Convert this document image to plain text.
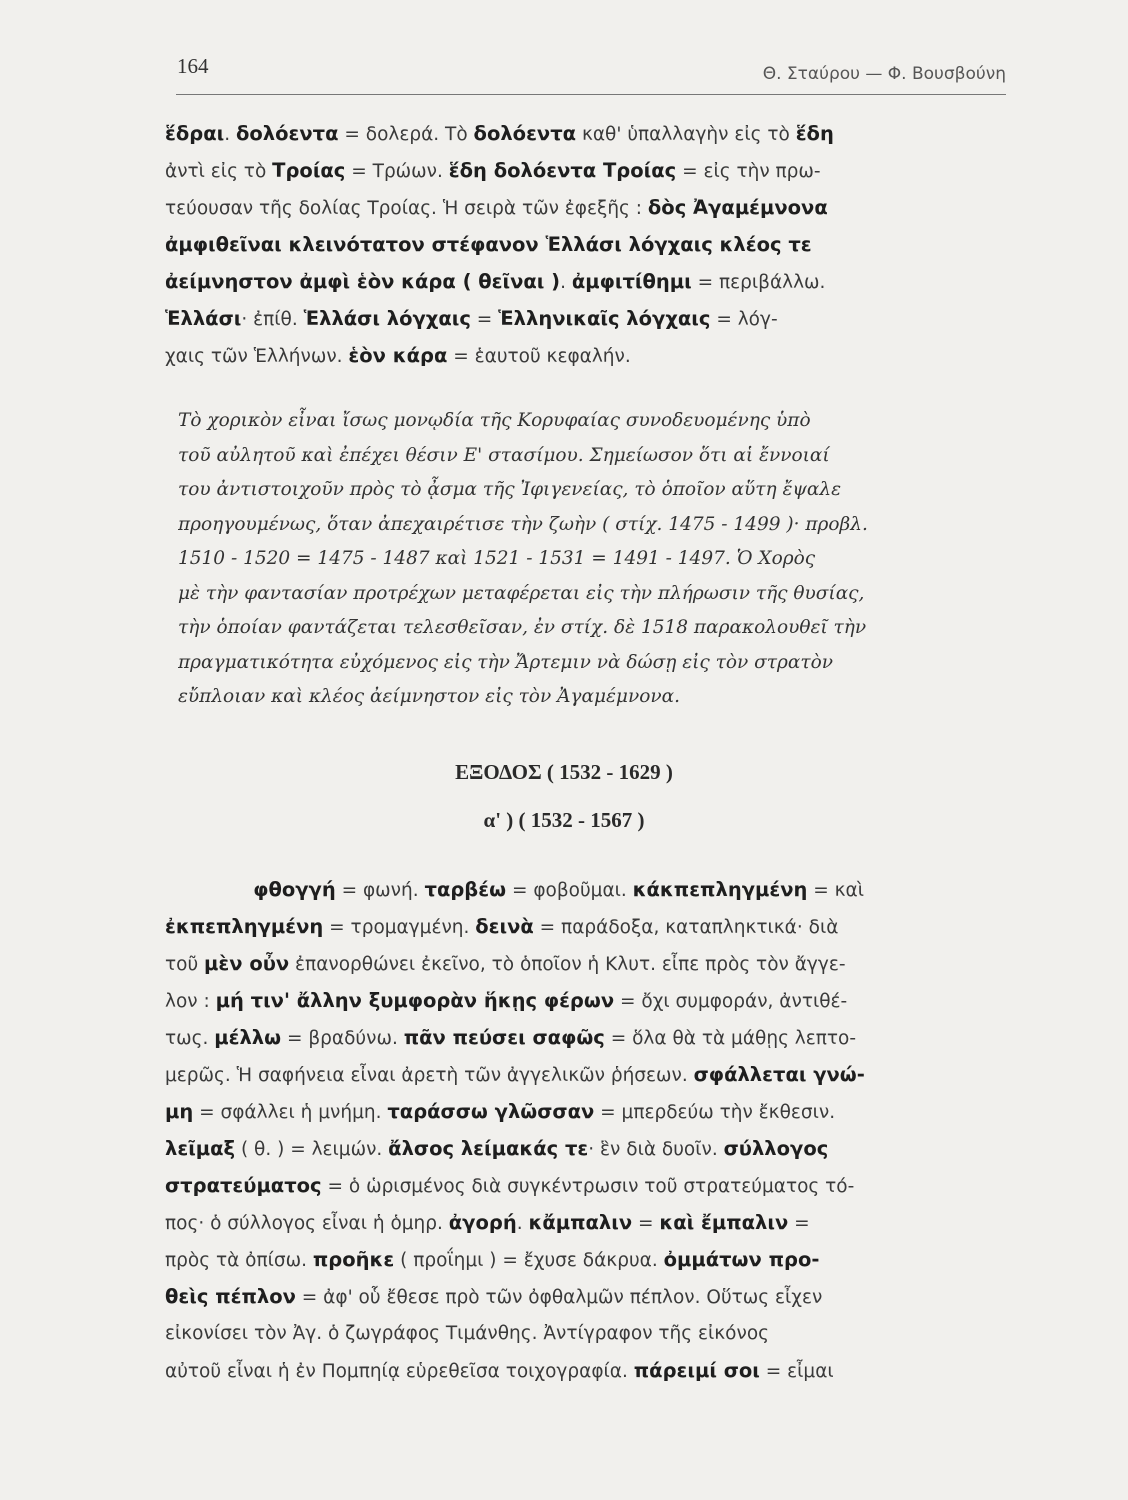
164	Θ. Σταύρου — Φ. Βουσβούνη
ἕδραι. δολόεντα = δολερά. Τὸ δολόεντα καθ' ὑπαλλαγὴν εἰς τὸ ἕδη
ἀντὶ εἰς τὸ Τροίας = Τρώων. ἕδη δολόεντα Τροίας = εἰς τὴν πρω-
τεύουσαν τῆς δολίας Τροίας. Ἡ σειρὰ τῶν ἐφεξῆς : δὸς Ἀγαμέμνονα
ἀμφιθεῖναι κλεινότατον στέφανον Ἑλλάσι λόγχαις κλέος τε
ἀείμνηστον ἀμφὶ ἑὸν κάρα ( θεῖναι ). ἀμφιτίθημι = περιβάλλω.
Ἑλλάσι· ἐπίθ. Ἑλλάσι λόγχαις = Ἑλληνικαῖς λόγχαις = λόγ-
χαις τῶν Ἑλλήνων. ἑὸν κάρα = ἑαυτοῦ κεφαλήν.
Τὸ χορικὸν εἶναι ἴσως μονῳδία τῆς Κορυφαίας συνοδευομένης ὑπὸ
τοῦ αὐλητοῦ καὶ ἐπέχει θέσιν Ε' στασίμου. Σημείωσον ὅτι αἱ ἔννοιαί
του ἀντιστοιχοῦν πρὸς τὸ ᾆσμα τῆς Ἰφιγενείας, τὸ ὁποῖον αὕτη ἔψαλε
προηγουμένως, ὅταν ἀπεχαιρέτισε τὴν ζωὴν ( στίχ. 1475 - 1499 )· προβλ.
1510 - 1520 = 1475 - 1487 καὶ 1521 - 1531 = 1491 - 1497. Ὁ Χορὸς
μὲ τὴν φαντασίαν προτρέχων μεταφέρεται εἰς τὴν πλήρωσιν τῆς θυσίας,
τὴν ὁποίαν φαντάζεται τελεσθεῖσαν, ἐν στίχ. δὲ 1518 παρακολουθεῖ τὴν
πραγματικότητα εὐχόμενος εἰς τὴν Ἄρτεμιν νὰ δώσῃ εἰς τὸν στρατὸν
εὔπλοιαν καὶ κλέος ἀείμνηστον εἰς τὸν Ἀγαμέμνονα.
ΕΞΟΔΟΣ ( 1532 - 1629 )
α' ) ( 1532 - 1567 )
φθογγή = φωνή. ταρβέω = φοβοῦμαι. κάκπεπληγμένη = καὶ
ἐκπεπληγμένη = τρομαγμένη. δεινὰ = παράδοξα, καταπληκτικά· διὰ
τοῦ μὲν οὖν ἐπανορθώνει ἐκεῖνο, τὸ ὁποῖον ἡ Κλυτ. εἶπε πρὸς τὸν ἄγγε-
λον : μή τιν' ἄλλην ξυμφορὰν ἥκῃς φέρων = ὄχι συμφοράν, ἀντιθέ-
τως. μέλλω = βραδύνω. πᾶν πεύσει σαφῶς = ὅλα θὰ τὰ μάθῃς λεπτο-
μερῶς. Ἡ σαφήνεια εἶναι ἀρετὴ τῶν ἀγγελικῶν ῥήσεων. σφάλλεται γνώ-
μη = σφάλλει ἡ μνήμη. ταράσσω γλῶσσαν = μπερδεύω τὴν ἔκθεσιν.
λεῖμαξ ( θ. ) = λειμών. ἄλσος λείμακάς τε· ἓν διὰ δυοῖν. σύλλογος
στρατεύματος = ὁ ὡρισμένος διὰ συγκέντρωσιν τοῦ στρατεύματος τό-
πος· ὁ σύλλογος εἶναι ἡ ὁμηρ. ἀγορή. κἄμπαλιν = καὶ ἔμπαλιν =
πρὸς τὰ ὀπίσω. προῆκε ( προΐημι ) = ἔχυσε δάκρυα. ὀμμάτων προ-
θεὶς πέπλον = ἀφ' οὗ ἔθεσε πρὸ τῶν ὀφθαλμῶν πέπλον. Οὕτως εἶχεν
εἰκονίσει τὸν Ἀγ. ὁ ζωγράφος Τιμάνθης. Ἀντίγραφον τῆς εἰκόνος
αὐτοῦ εἶναι ἡ ἐν Πομπηίᾳ εὑρεθεῖσα τοιχογραφία. πάρειμί σοι = εἶμαι
